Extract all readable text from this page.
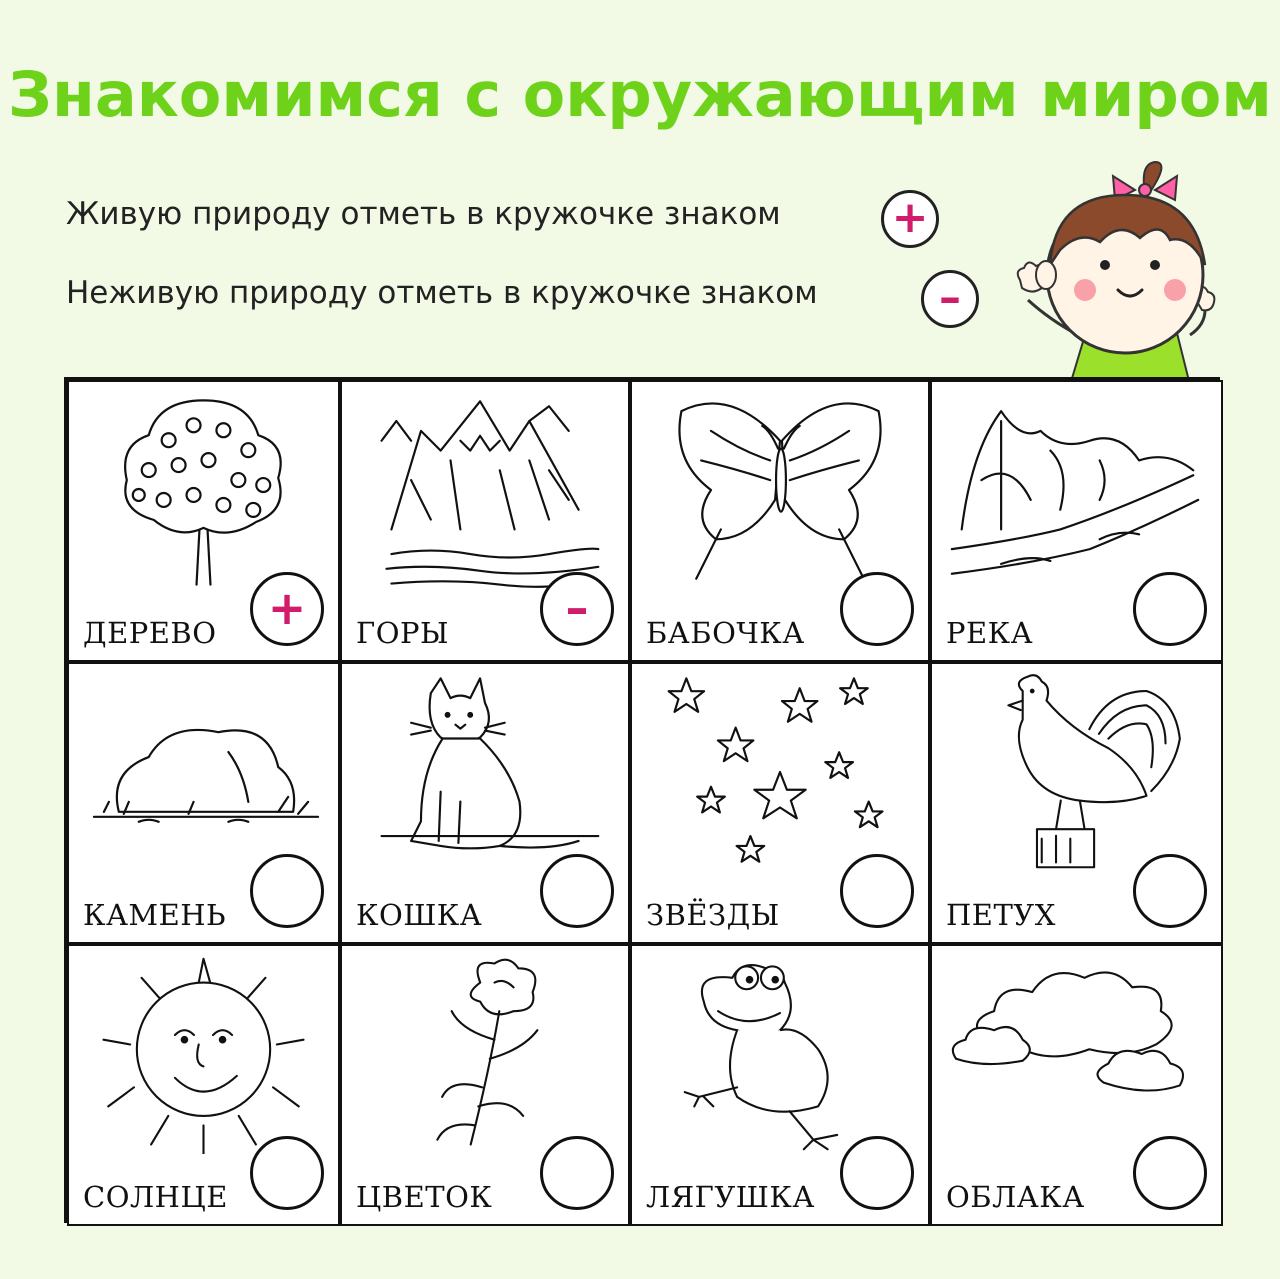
Знакомимся с окружающим миром
Живую природу отметь в кружочке знаком	+
Неживую природу отметь в кружочке знаком	–
ДЕРЕВО	+	ГОРЫ	–	БАБОЧКА	РЕКА
КАМЕНЬ	КОШКА	ЗВЁЗДЫ	ПЕТУХ
СОЛНЦЕ	ЦВЕТОК	ЛЯГУШКА	ОБЛАКА
